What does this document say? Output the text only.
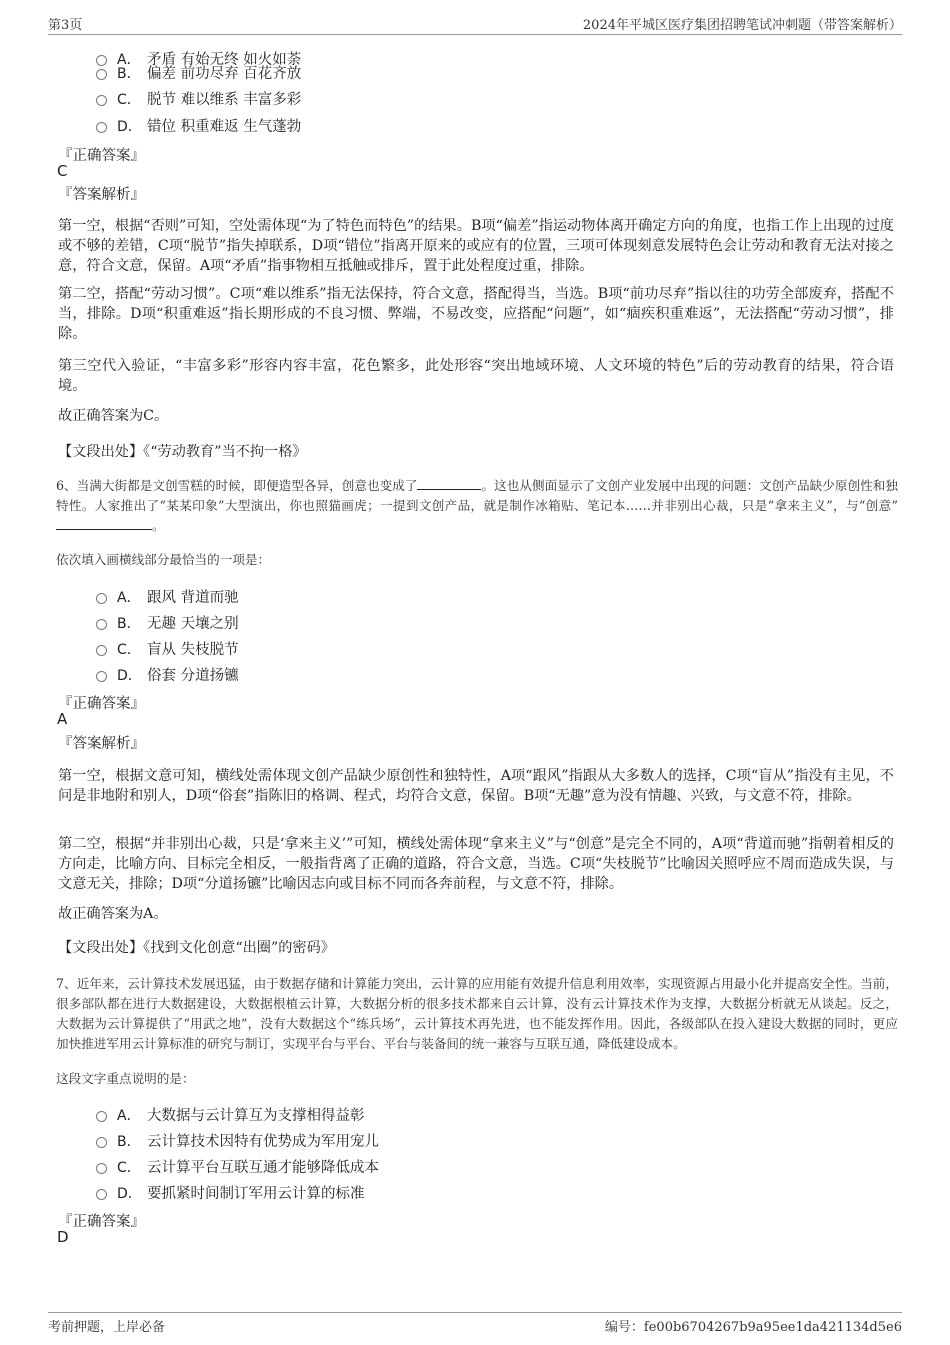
第3页	2024年平城区医疗集团招聘笔试冲刺题（带答案解析）
A． 矛盾 有始无终 如火如荼
B． 偏差 前功尽弃 百花齐放
C． 脱节 难以维系 丰富多彩
D． 错位 积重难返 生气蓬勃
『正确答案』
C
『答案解析』
第一空，根据“否则”可知，空处需体现“为了特色而特色”的结果。B项“偏差”指运动物体离开确定方向的角度，也指工作上出现的过度或不够的差错，C项“脱节”指失掉联系，D项“错位”指离开原来的或应有的位置，三项可体现刻意发展特色会让劳动和教育无法对接之意，符合文意，保留。A项“矛盾”指事物相互抵触或排斥，置于此处程度过重，排除。
第二空，搭配“劳动习惯”。C项“难以维系”指无法保持，符合文意，搭配得当，当选。B项“前功尽弃”指以往的功劳全部废弃，搭配不当，排除。D项“积重难返”指长期形成的不良习惯、弊端，不易改变，应搭配“问题”，如“痼疾积重难返”，无法搭配“劳动习惯”，排除。
第三空代入验证，“丰富多彩”形容内容丰富，花色繁多，此处形容“突出地域环境、人文环境的特色”后的劳动教育的结果，符合语境。
故正确答案为C。
【文段出处】《“劳动教育”当不拘一格》
6、当满大街都是文创雪糕的时候，即便造型各异，创意也变成了	。这也从侧面显示了文创产业发展中出现的问题：文创产品缺少原创性和独特性。人家推出了“某某印象”大型演出，你也照猫画虎；一提到文创产品，就是制作冰箱贴、笔记本……并非别出心裁，只是“拿来主义”，与“创意”。
依次填入画横线部分最恰当的一项是：
A． 跟风 背道而驰
B． 无趣 天壤之别
C． 盲从 失枝脱节
D． 俗套 分道扬镳
『正确答案』
A
『答案解析』
第一空，根据文意可知，横线处需体现文创产品缺少原创性和独特性，A项“跟风”指跟从大多数人的选择，C项“盲从”指没有主见，不问是非地附和别人，D项“俗套”指陈旧的格调、程式，均符合文意，保留。B项“无趣”意为没有情趣、兴致，与文意不符，排除。
第二空，根据“并非别出心裁，只是‘拿来主义’”可知，横线处需体现“拿来主义”与“创意”是完全不同的，A项“背道而驰”指朝着相反的方向走，比喻方向、目标完全相反，一般指背离了正确的道路，符合文意，当选。C项“失枝脱节”比喻因关照呼应不周而造成失误，与文意无关，排除；D项“分道扬镳”比喻因志向或目标不同而各奔前程，与文意不符，排除。
故正确答案为A。
【文段出处】《找到文化创意“出圈”的密码》
7、近年来，云计算技术发展迅猛，由于数据存储和计算能力突出，云计算的应用能有效提升信息利用效率，实现资源占用最小化并提高安全性。当前，很多部队都在进行大数据建设，大数据根植云计算，大数据分析的很多技术都来自云计算，没有云计算技术作为支撑，大数据分析就无从谈起。反之，大数据为云计算提供了“用武之地”，没有大数据这个“练兵场”，云计算技术再先进，也不能发挥作用。因此，各级部队在投入建设大数据的同时，更应加快推进军用云计算标准的研究与制订，实现平台与平台、平台与装备间的统一兼容与互联互通，降低建设成本。
这段文字重点说明的是：
A． 大数据与云计算互为支撑相得益彰
B． 云计算技术因特有优势成为军用宠儿
C． 云计算平台互联互通才能够降低成本
D． 要抓紧时间制订军用云计算的标准
『正确答案』
D
考前押题，上岸必备	编号：fe00b6704267b9a95ee1da421134d5e6
